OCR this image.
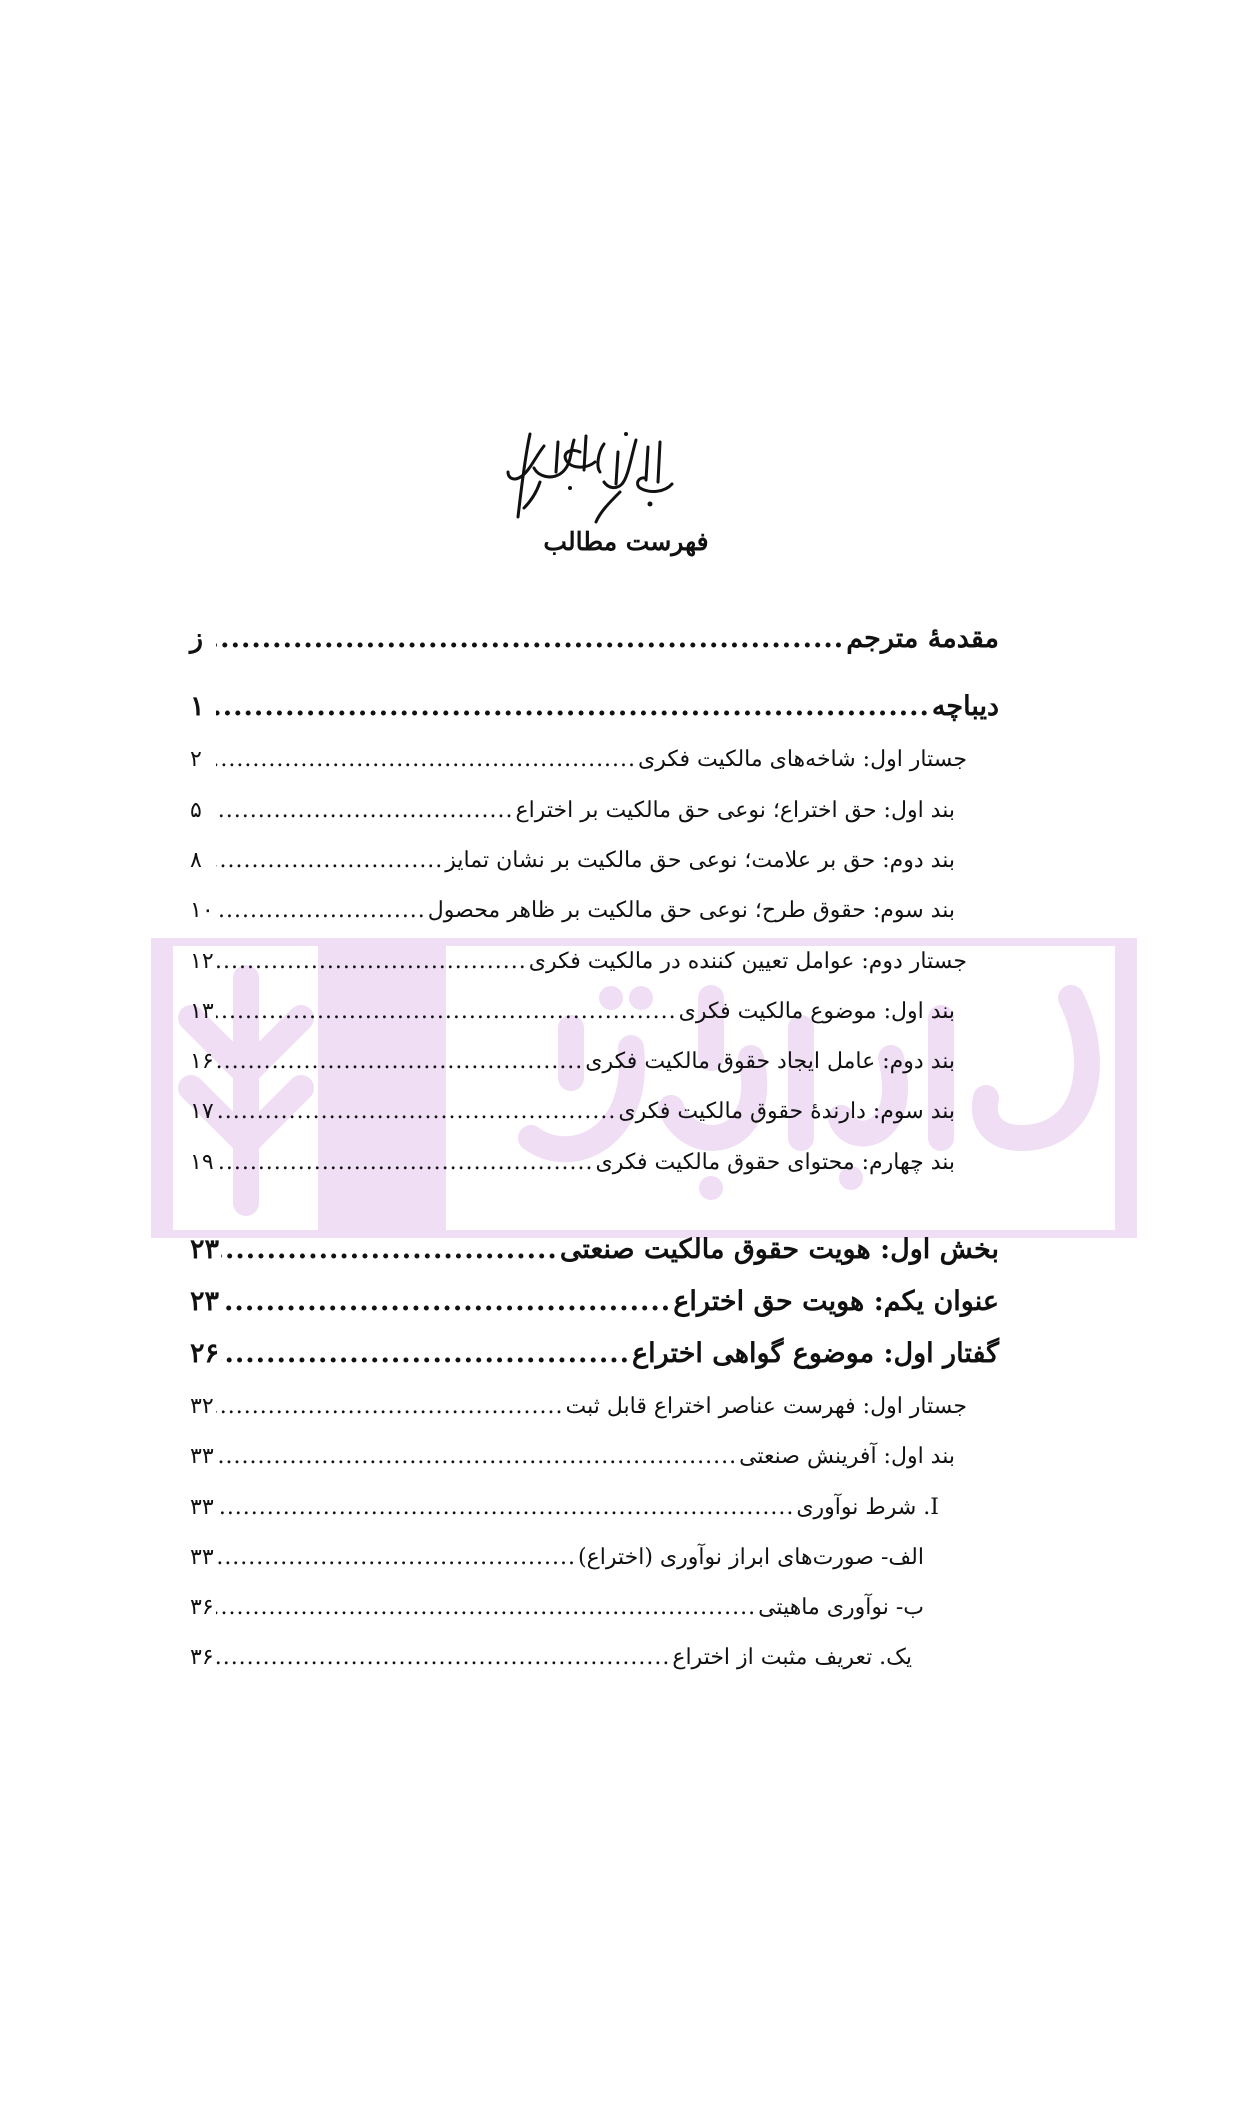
فهرست مطالب
مقدمۀ مترجم
.....
ز
دیباچه
.....
۱
جستار اول: شاخه‌های مالکیت فکری
.....
۲
بند اول: حق اختراع؛ نوعی حق مالکیت بر اختراع
.....
۵
بند دوم: حق بر علامت؛ نوعی حق مالکیت بر نشان تمایز
.....
۸
بند سوم: حقوق طرح؛ نوعی حق مالکیت بر ظاهر محصول
.....
۱۰
جستار دوم: عوامل تعیین کننده در مالکیت فکری
.....
۱۲
بند اول: موضوع مالکیت فکری
.....
۱۳
بند دوم: عامل ایجاد حقوق مالکیت فکری
.....
۱۶
بند سوم: دارندۀ حقوق مالکیت فکری
.....
۱۷
بند چهارم: محتوای حقوق مالکیت فکری
.....
۱۹
بخش اول: هویت حقوق مالکیت صنعتی
.....
۲۳
عنوان یکم: هویت حق اختراع
.....
۲۳
گفتار اول: موضوع گواهی اختراع
.....
۲۶
جستار اول: فهرست عناصر اختراع قابل ثبت
.....
۳۲
بند اول: آفرینش صنعتی
.....
۳۳
I. شرط نوآوری
.....
۳۳
الف- صورت‌های ابراز نوآوری (اختراع)
.....
۳۳
ب- نوآوری ماهیتی
.....
۳۶
یک. تعریف مثبت از اختراع
.....
۳۶
